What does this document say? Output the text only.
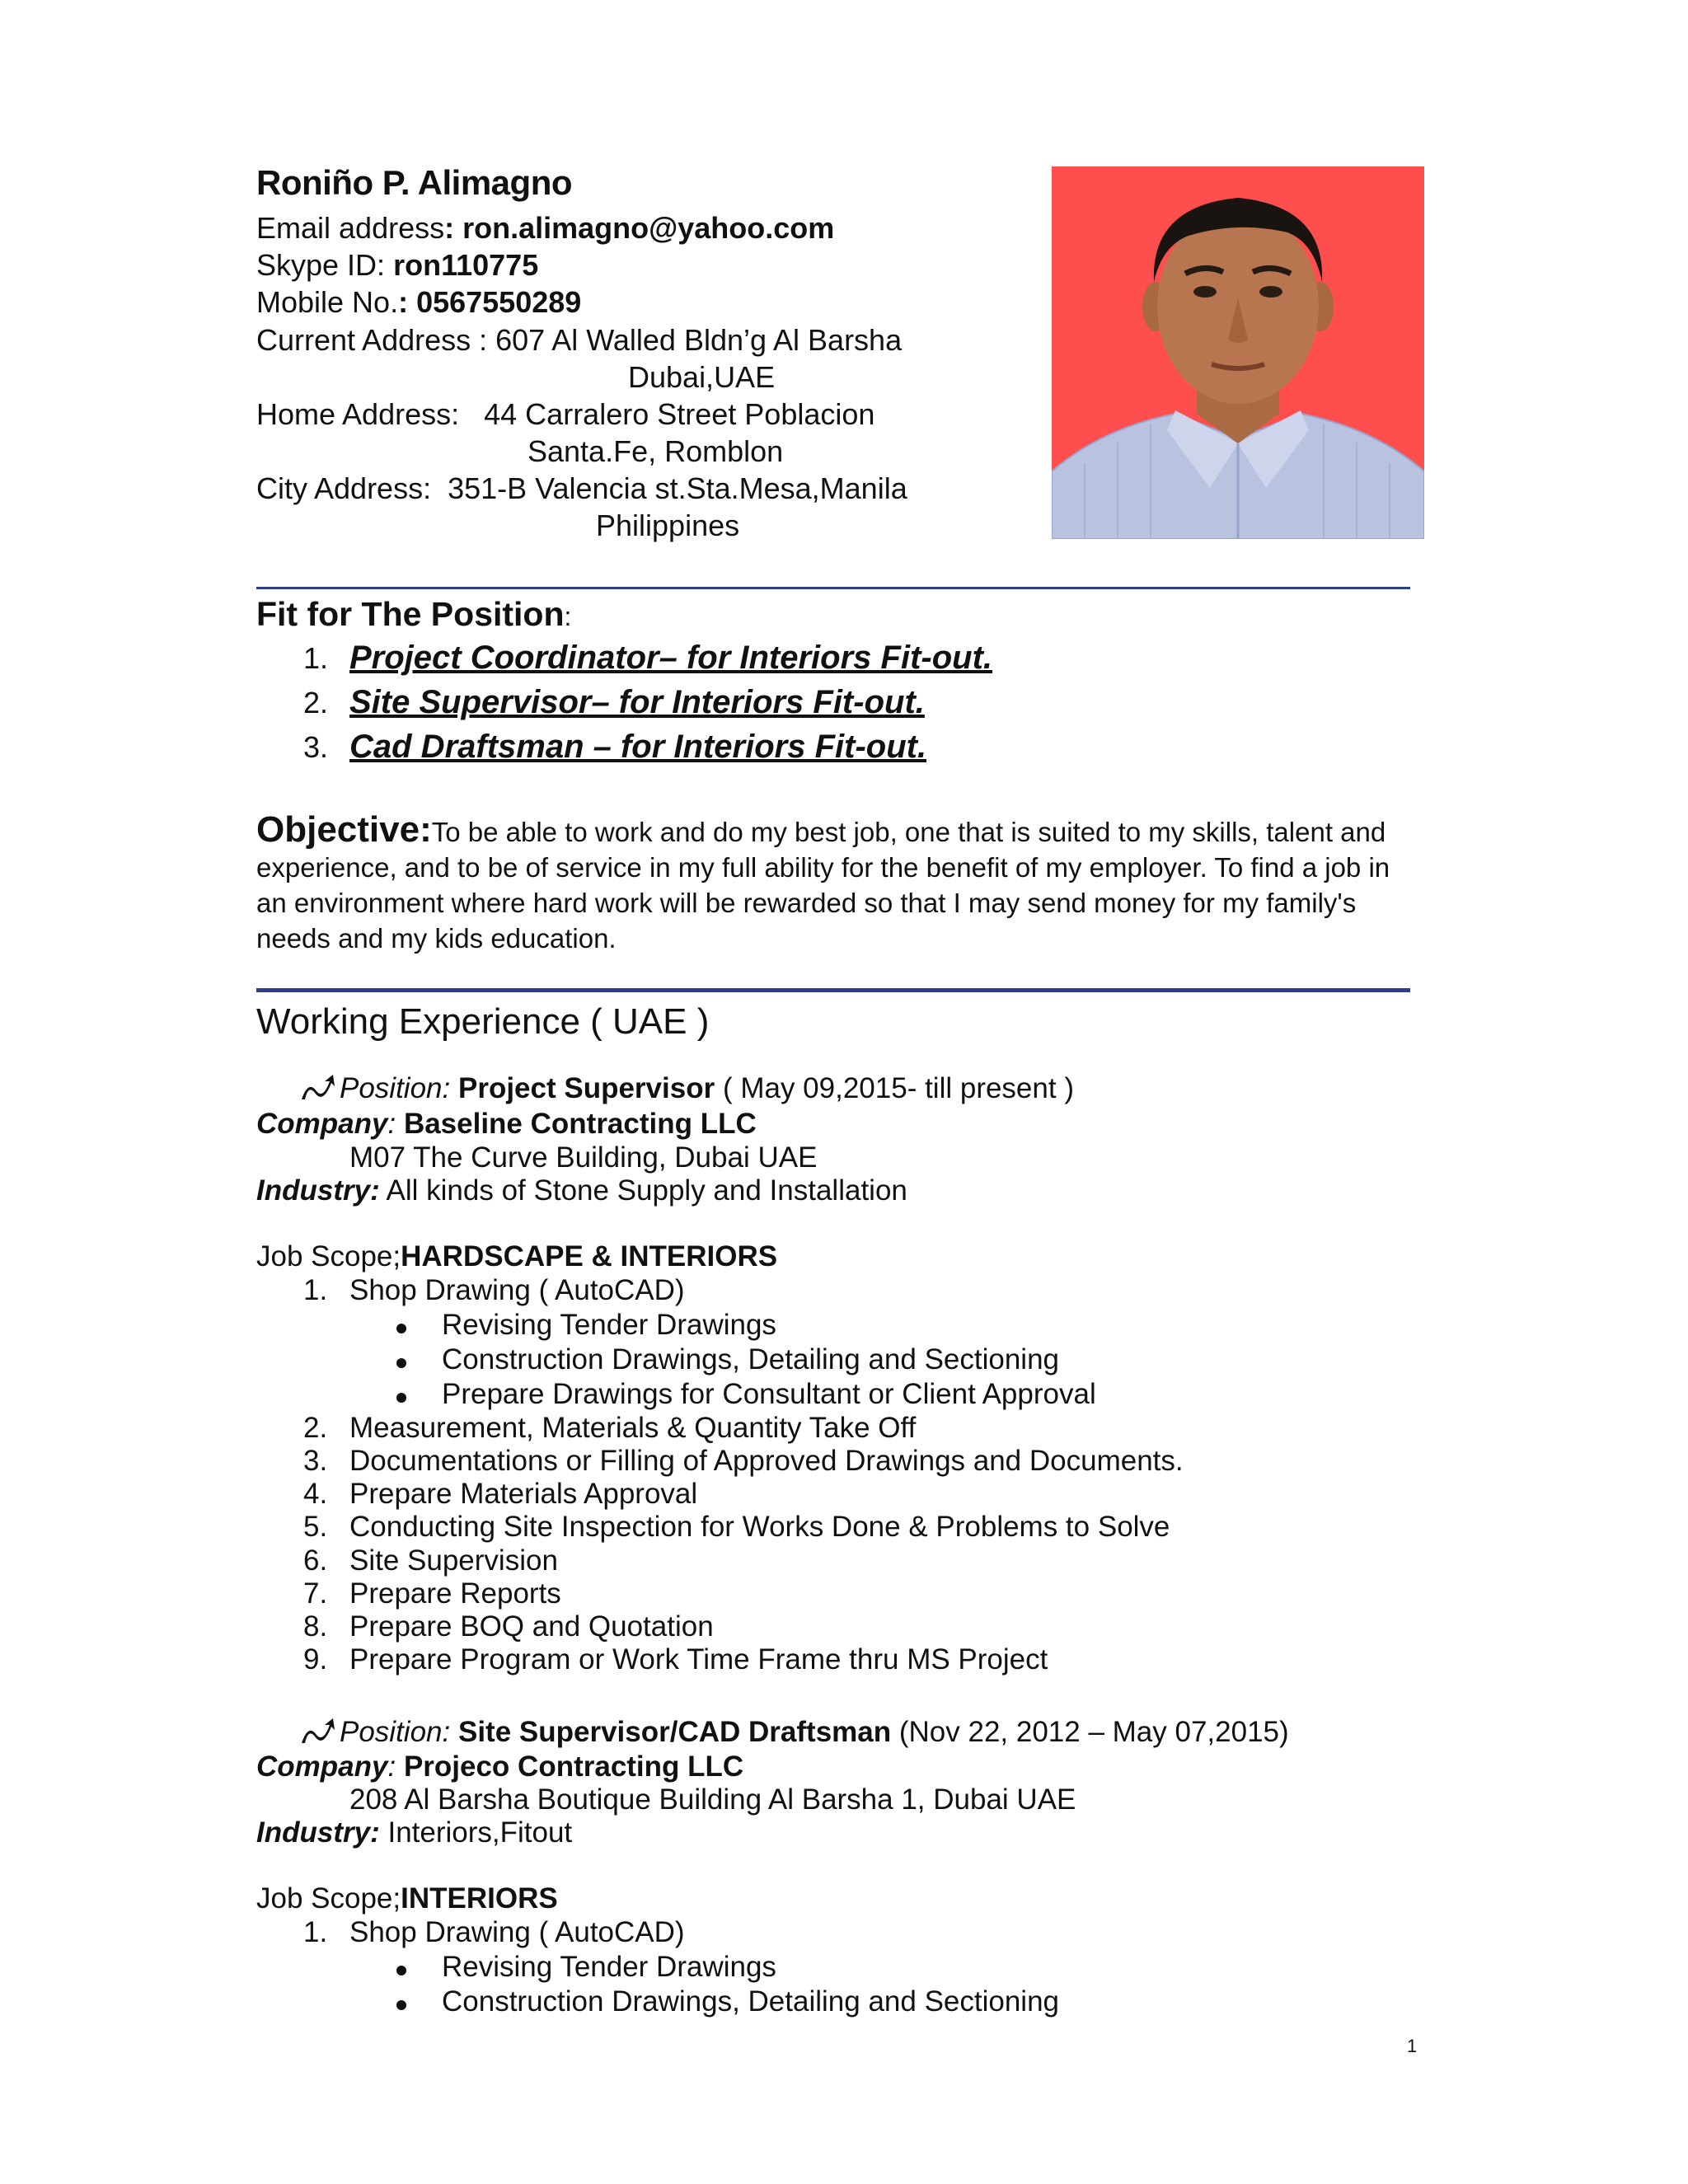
Roniño P. Alimagno
Email address: ron.alimagno@yahoo.com
Skype ID: ron110775
Mobile No.: 0567550289
Current Address : 607 Al Walled Bldn’g Al Barsha
Dubai,UAE
Home Address: 44 Carralero Street Poblacion
Santa.Fe, Romblon
City Address: 351-B Valencia st.Sta.Mesa,Manila
Philippines
Fit for The Position:
1. Project Coordinator– for Interiors Fit-out.
2. Site Supervisor– for Interiors Fit-out.
3. Cad Draftsman – for Interiors Fit-out.
Objective:To be able to work and do my best job, one that is suited to my skills, talent and experience, and to be of service in my full ability for the benefit of my employer. To find a job in an environment where hard work will be rewarded so that I may send money for my family's needs and my kids education.
Working Experience ( UAE )
Position: Project Supervisor ( May 09,2015- till present )
Company: Baseline Contracting LLC
M07 The Curve Building, Dubai UAE
Industry: All kinds of Stone Supply and Installation
Job Scope;HARDSCAPE & INTERIORS
1. Shop Drawing ( AutoCAD)
Revising Tender Drawings
Construction Drawings, Detailing and Sectioning
Prepare Drawings for Consultant or Client Approval
2. Measurement, Materials & Quantity Take Off
3. Documentations or Filling of Approved Drawings and Documents.
4. Prepare Materials Approval
5. Conducting Site Inspection for Works Done & Problems to Solve
6. Site Supervision
7. Prepare Reports
8. Prepare BOQ and Quotation
9. Prepare Program or Work Time Frame thru MS Project
Position: Site Supervisor/CAD Draftsman (Nov 22, 2012 – May 07,2015)
Company: Projeco Contracting LLC
208 Al Barsha Boutique Building Al Barsha 1, Dubai UAE
Industry: Interiors,Fitout
Job Scope;INTERIORS
1. Shop Drawing ( AutoCAD)
Revising Tender Drawings
Construction Drawings, Detailing and Sectioning
1
